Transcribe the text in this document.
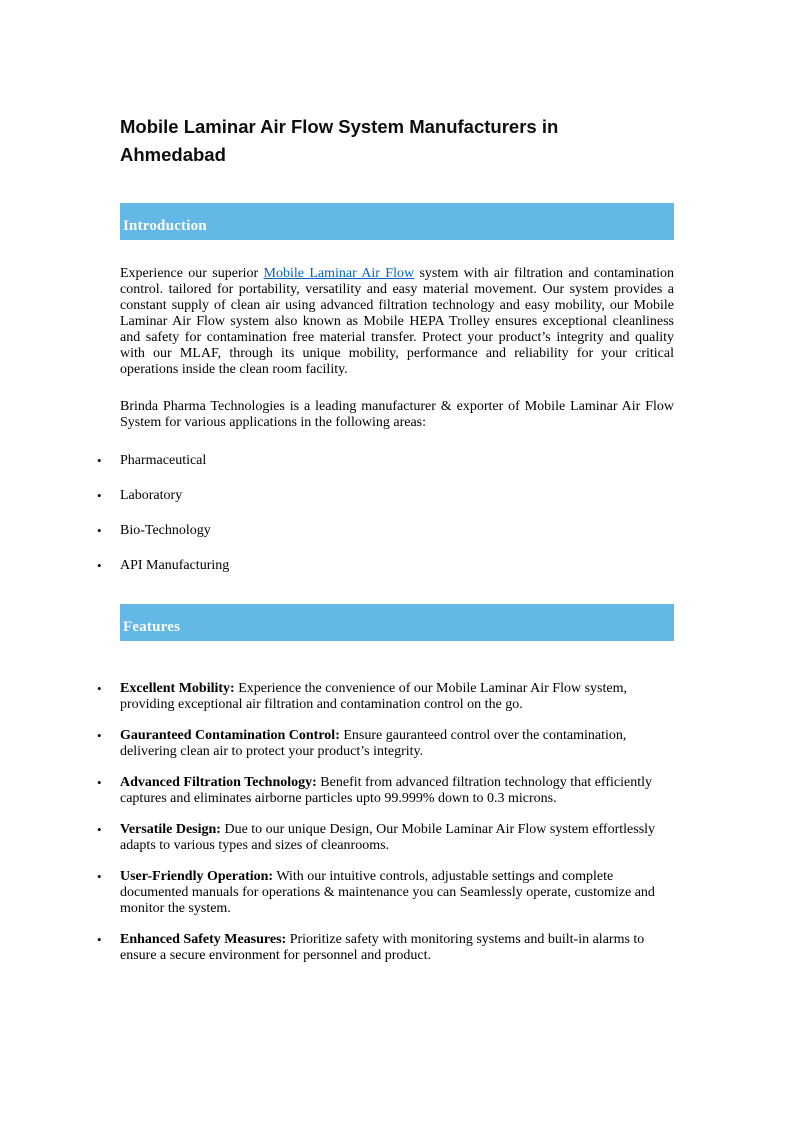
Mobile Laminar Air Flow System Manufacturers in Ahmedabad
Introduction

Experience our superior Mobile Laminar Air Flow system with air filtration and contamination control. tailored for portability, versatility and easy material movement. Our system provides a constant supply of clean air using advanced filtration technology and easy mobility, our Mobile Laminar Air Flow system also known as Mobile HEPA Trolley ensures exceptional cleanliness and safety for contamination free material transfer. Protect your product’s integrity and quality with our MLAF, through its unique mobility, performance and reliability for your critical operations inside the clean room facility.

Brinda Pharma Technologies is a leading manufacturer & exporter of Mobile Laminar Air Flow System for various applications in the following areas:

• Pharmaceutical
• Laboratory
• Bio-Technology
• API Manufacturing
Features
• Excellent Mobility: Experience the convenience of our Mobile Laminar Air Flow system, providing exceptional air filtration and contamination control on the go.
• Gauranteed Contamination Control: Ensure gauranteed control over the contamination, delivering clean air to protect your product’s integrity.
• Advanced Filtration Technology: Benefit from advanced filtration technology that efficiently captures and eliminates airborne particles upto 99.999% down to 0.3 microns.
• Versatile Design: Due to our unique Design, Our Mobile Laminar Air Flow system effortlessly adapts to various types and sizes of cleanrooms.
• User-Friendly Operation: With our intuitive controls, adjustable settings and complete documented manuals for operations & maintenance you can Seamlessly operate, customize and monitor the system.
• Enhanced Safety Measures: Prioritize safety with monitoring systems and built-in alarms to ensure a secure environment for personnel and product.
